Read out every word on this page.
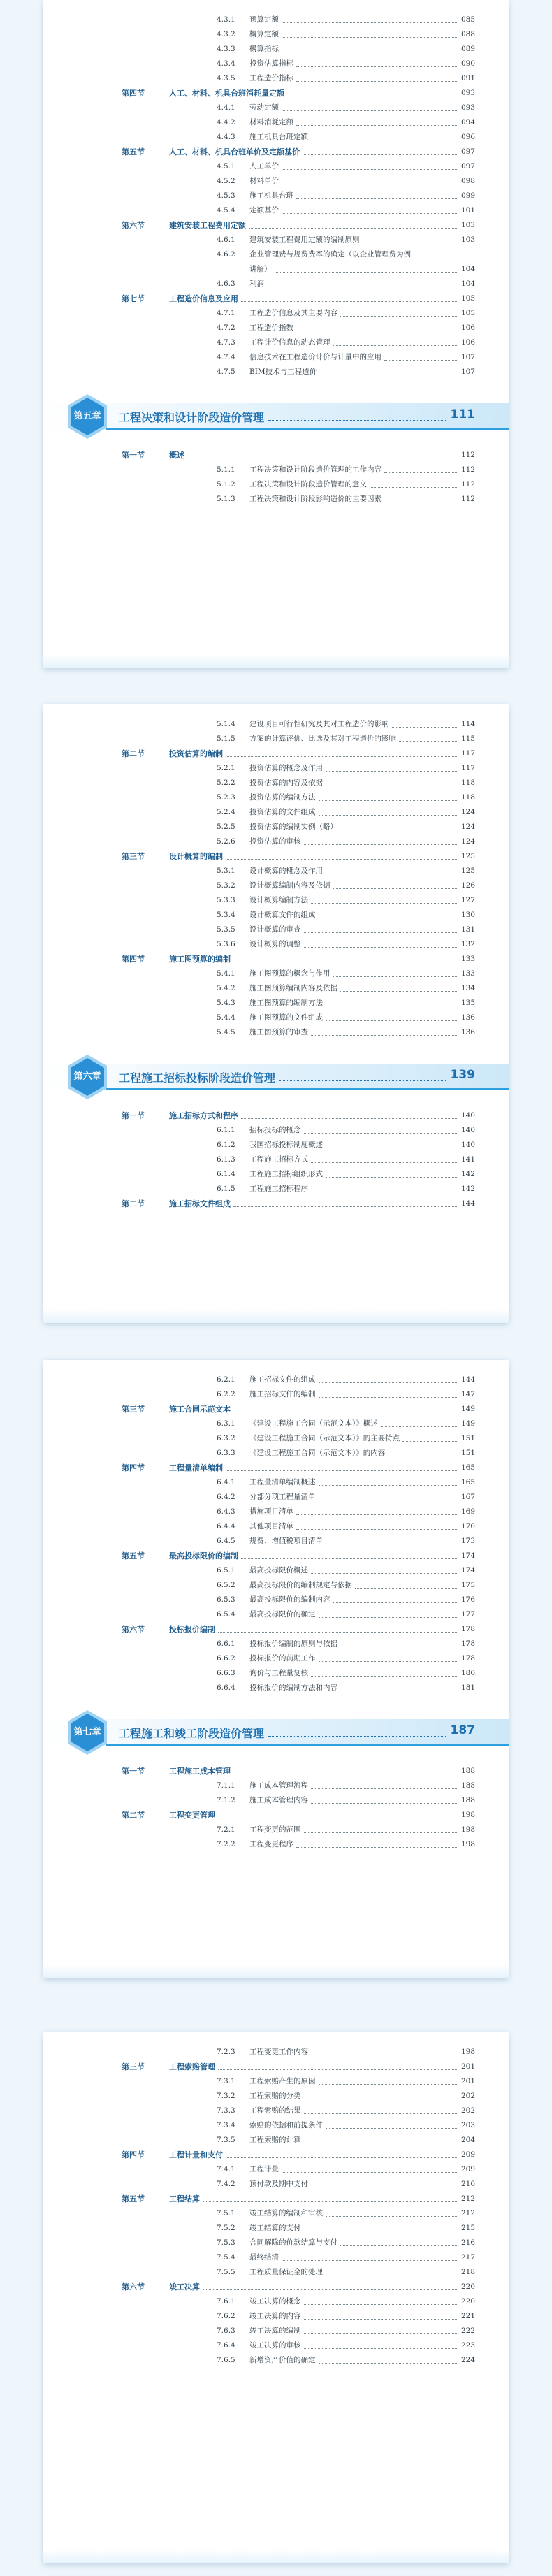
4.3.1 预算定额	085
4.3.2 概算定额	088
4.3.3 概算指标	089
4.3.4 投资估算指标	090
4.3.5 工程造价指标	091
第四节	人工、材料、机具台班消耗量定额	093
4.4.1 劳动定额	093
4.4.2 材料消耗定额	094
4.4.3 施工机具台班定额	096
第五节	人工、材料、机具台班单价及定额基价	097
4.5.1 人工单价	097
4.5.2 材料单价	098
4.5.3 施工机具台班	099
4.5.4 定额基价	101
第六节	建筑安装工程费用定额	103
4.6.1 建筑安装工程费用定额的编制原则	103
4.6.2 企业管理费与规费费率的确定（以企业管理费为例
讲解）	104
4.6.3 利润	104
第七节	工程造价信息及应用	105
4.7.1 工程造价信息及其主要内容	105
4.7.2 工程造价指数	106
4.7.3 工程计价信息的动态管理	106
4.7.4 信息技术在工程造价计价与计量中的应用	107
4.7.5 BIM技术与工程造价	107
第五章	工程决策和设计阶段造价管理	111
第一节	概述	112
5.1.1 工程决策和设计阶段造价管理的工作内容	112
5.1.2 工程决策和设计阶段造价管理的意义	112
5.1.3 工程决策和设计阶段影响造价的主要因素	112
5.1.4 建设项目可行性研究及其对工程造价的影响	114
5.1.5 方案的计算评价、比选及其对工程造价的影响	115
第二节	投资估算的编制	117
5.2.1 投资估算的概念及作用	117
5.2.2 投资估算的内容及依据	118
5.2.3 投资估算的编制方法	118
5.2.4 投资估算的文件组成	124
5.2.5 投资估算的编制实例（略）	124
5.2.6 投资估算的审核	124
第三节	设计概算的编制	125
5.3.1 设计概算的概念及作用	125
5.3.2 设计概算编制内容及依据	126
5.3.3 设计概算编制方法	127
5.3.4 设计概算文件的组成	130
5.3.5 设计概算的审查	131
5.3.6 设计概算的调整	132
第四节	施工图预算的编制	133
5.4.1 施工图预算的概念与作用	133
5.4.2 施工图预算编制内容及依据	134
5.4.3 施工图预算的编制方法	135
5.4.4 施工图预算的文件组成	136
5.4.5 施工图预算的审查	136
第六章	工程施工招标投标阶段造价管理	139
第一节	施工招标方式和程序	140
6.1.1 招标投标的概念	140
6.1.2 我国招标投标制度概述	140
6.1.3 工程施工招标方式	141
6.1.4 工程施工招标组织形式	142
6.1.5 工程施工招标程序	142
第二节	施工招标文件组成	144
6.2.1 施工招标文件的组成	144
6.2.2 施工招标文件的编制	147
第三节	施工合同示范文本	149
6.3.1 《建设工程施工合同（示范文本）》概述	149
6.3.2 《建设工程施工合同（示范文本）》的主要特点	151
6.3.3 《建设工程施工合同（示范文本）》的内容	151
第四节	工程量清单编制	165
6.4.1 工程量清单编制概述	165
6.4.2 分部分项工程量清单	167
6.4.3 措施项目清单	169
6.4.4 其他项目清单	170
6.4.5 规费、增值税项目清单	173
第五节	最高投标限价的编制	174
6.5.1 最高投标限价概述	174
6.5.2 最高投标限价的编制规定与依据	175
6.5.3 最高投标限价的编制内容	176
6.5.4 最高投标限价的确定	177
第六节	投标报价编制	178
6.6.1 投标报价编制的原则与依据	178
6.6.2 投标报价的前期工作	178
6.6.3 询价与工程量复核	180
6.6.4 投标报价的编制方法和内容	181
第七章	工程施工和竣工阶段造价管理	187
第一节	工程施工成本管理	188
7.1.1 施工成本管理流程	188
7.1.2 施工成本管理内容	188
第二节	工程变更管理	198
7.2.1 工程变更的范围	198
7.2.2 工程变更程序	198
7.2.3 工程变更工作内容	198
第三节	工程索赔管理	201
7.3.1 工程索赔产生的原因	201
7.3.2 工程索赔的分类	202
7.3.3 工程索赔的结果	202
7.3.4 索赔的依据和前提条件	203
7.3.5 工程索赔的计算	204
第四节	工程计量和支付	209
7.4.1 工程计量	209
7.4.2 预付款及期中支付	210
第五节	工程结算	212
7.5.1 竣工结算的编制和审核	212
7.5.2 竣工结算的支付	215
7.5.3 合同解除的价款结算与支付	216
7.5.4 最终结清	217
7.5.5 工程质量保证金的处理	218
第六节	竣工决算	220
7.6.1 竣工决算的概念	220
7.6.2 竣工决算的内容	221
7.6.3 竣工决算的编制	222
7.6.4 竣工决算的审核	223
7.6.5 新增资产价值的确定	224
